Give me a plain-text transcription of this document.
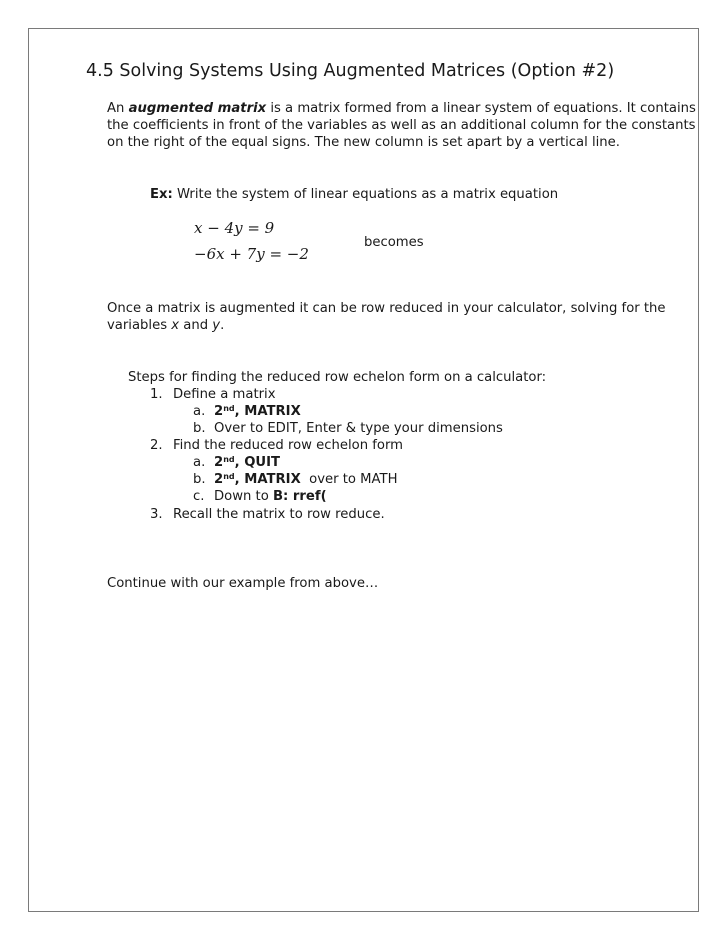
4.5 Solving Systems Using Augmented Matrices (Option #2)
An augmented matrix is a matrix formed from a linear system of equations. It contains
the coefficients in front of the variables as well as an additional column for the constants
on the right of the equal signs. The new column is set apart by a vertical line.
Ex: Write the system of linear equations as a matrix equation
x − 4y = 9
−6x + 7y = −2
becomes
Once a matrix is augmented it can be row reduced in your calculator, solving for the
variables x and y.
Steps for finding the reduced row echelon form on a calculator:
1. Define a matrix
a. 2nd, MATRIX
b. Over to EDIT, Enter & type your dimensions
2. Find the reduced row echelon form
a. 2nd, QUIT
b. 2nd, MATRIX  over to MATH
c. Down to B: rref(
3. Recall the matrix to row reduce.
Continue with our example from above…
